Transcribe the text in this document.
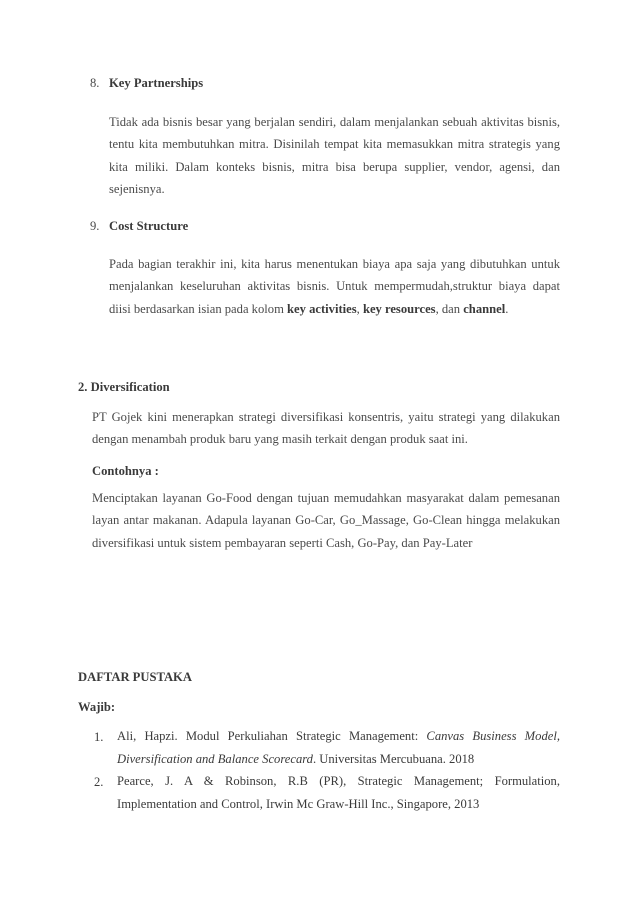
8. Key Partnerships

Tidak ada bisnis besar yang berjalan sendiri, dalam menjalankan sebuah aktivitas bisnis, tentu kita membutuhkan mitra. Disinilah tempat kita memasukkan mitra strategis yang kita miliki. Dalam konteks bisnis, mitra bisa berupa supplier, vendor, agensi, dan sejenisnya.

9. Cost Structure

Pada bagian terakhir ini, kita harus menentukan biaya apa saja yang dibutuhkan untuk menjalankan keseluruhan aktivitas bisnis. Untuk mempermudah,struktur biaya dapat diisi berdasarkan isian pada kolom key activities, key resources, dan channel.

2. Diversification

PT Gojek kini menerapkan strategi diversifikasi konsentris, yaitu strategi yang dilakukan dengan menambah produk baru yang masih terkait dengan produk saat ini.

Contohnya :

Menciptakan layanan Go-Food dengan tujuan memudahkan masyarakat dalam pemesanan layan antar makanan. Adapula layanan Go-Car, Go_Massage, Go-Clean hingga melakukan diversifikasi untuk sistem pembayaran seperti Cash, Go-Pay, dan Pay-Later

DAFTAR PUSTAKA
Wajib:
1. Ali, Hapzi. Modul Perkuliahan Strategic Management: Canvas Business Model, Diversification and Balance Scorecard. Universitas Mercubuana. 2018

2. Pearce, J. A & Robinson, R.B (PR), Strategic Management; Formulation, Implementation and Control, Irwin Mc Graw-Hill Inc., Singapore, 2013
